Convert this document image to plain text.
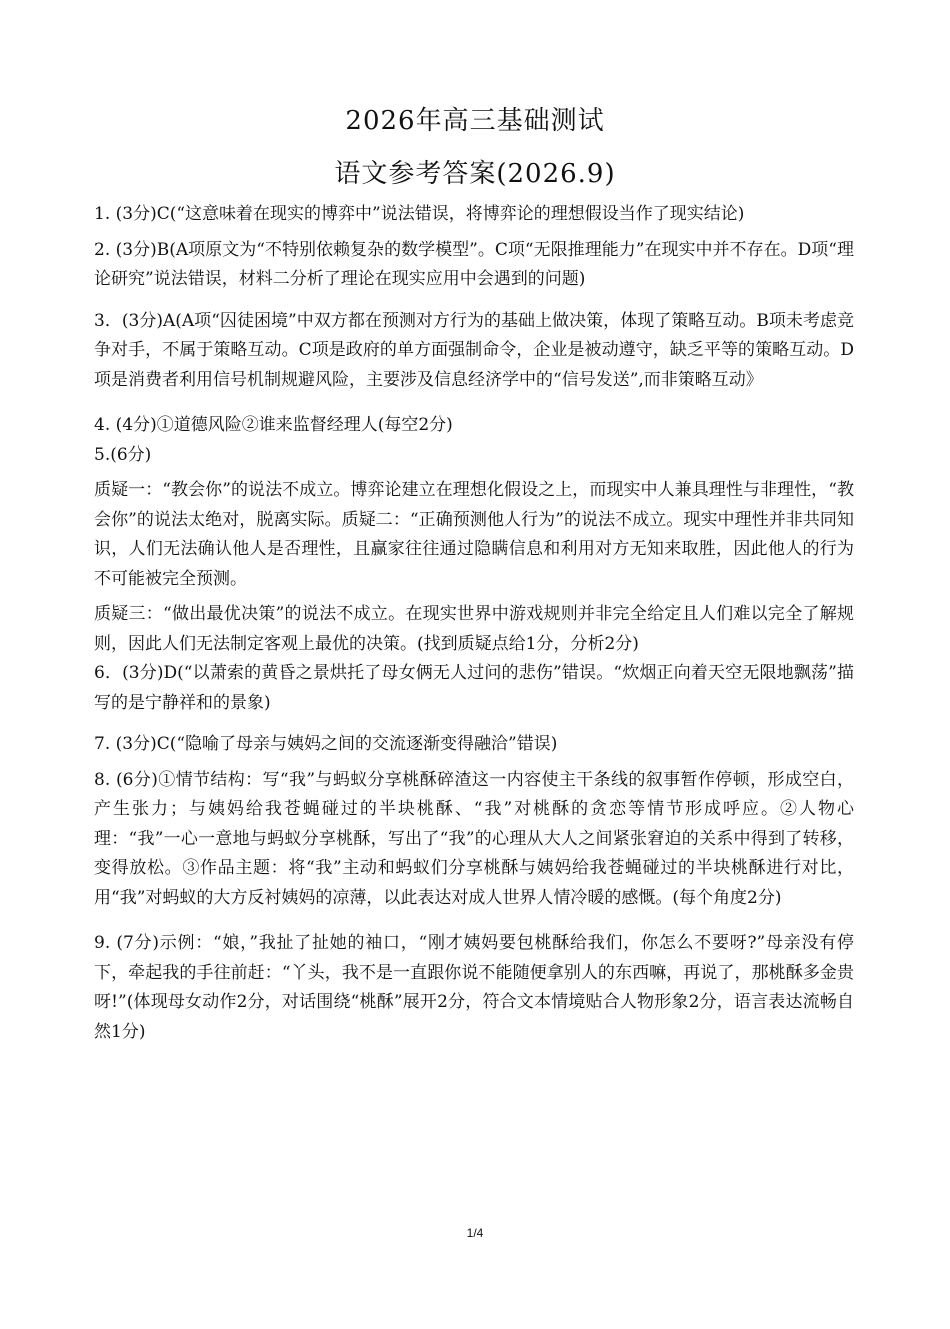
2026年高三基础测试
语文参考答案(2026.9)

1. (3分)C(“这意味着在现实的博弈中”说法错误，将博弈论的理想假设当作了现实结论)

2. (3分)B(A项原文为“不特别依赖复杂的数学模型”。C项“无限推理能力”在现实中并不存在。D项“理论研究”说法错误，材料二分析了理论在现实应用中会遇到的问题)

3．(3分)A(A项“囚徒困境”中双方都在预测对方行为的基础上做决策，体现了策略互动。B项未考虑竞争对手，不属于策略互动。C项是政府的单方面强制命令，企业是被动遵守，缺乏平等的策略互动。D项是消费者利用信号机制规避风险，主要涉及信息经济学中的“信号发送”,而非策略互动》

4. (4分)①道德风险②谁来监督经理人(每空2分)

5.(6分)

质疑一：“教会你”的说法不成立。博弈论建立在理想化假设之上，而现实中人兼具理性与非理性，“教会你”的说法太绝对，脱离实际。质疑二：“正确预测他人行为”的说法不成立。现实中理性并非共同知识，人们无法确认他人是否理性，且赢家往往通过隐瞒信息和利用对方无知来取胜，因此他人的行为不可能被完全预测。

质疑三：“做出最优决策”的说法不成立。在现实世界中游戏规则并非完全给定且人们难以完全了解规则，因此人们无法制定客观上最优的决策。(找到质疑点给1分，分析2分)

6．(3分)D(“以萧索的黄昏之景烘托了母女俩无人过问的悲伤”错误。“炊烟正向着天空无限地飘荡”描写的是宁静祥和的景象)

7. (3分)C(“隐喻了母亲与姨妈之间的交流逐渐变得融洽”错误)

8. (6分)①情节结构：写“我”与蚂蚁分享桃酥碎渣这一内容使主干条线的叙事暂作停顿，形成空白，产生张力；与姨妈给我苍蝇碰过的半块桃酥、“我”对桃酥的贪恋等情节形成呼应。②人物心理：“我”一心一意地与蚂蚁分享桃酥，写出了“我”的心理从大人之间紧张窘迫的关系中得到了转移，变得放松。③作品主题：将“我”主动和蚂蚁们分享桃酥与姨妈给我苍蝇碰过的半块桃酥进行对比，用“我”对蚂蚁的大方反衬姨妈的凉薄，以此表达对成人世界人情冷暖的感慨。(每个角度2分)

9. (7分)示例：“娘，”我扯了扯她的袖口，“刚才姨妈要包桃酥给我们，你怎么不要呀?”母亲没有停下，牵起我的手往前赶：“丫头，我不是一直跟你说不能随便拿别人的东西嘛，再说了，那桃酥多金贵呀!”(体现母女动作2分，对话围绕“桃酥”展开2分，符合文本情境贴合人物形象2分，语言表达流畅自然1分)

1/4
